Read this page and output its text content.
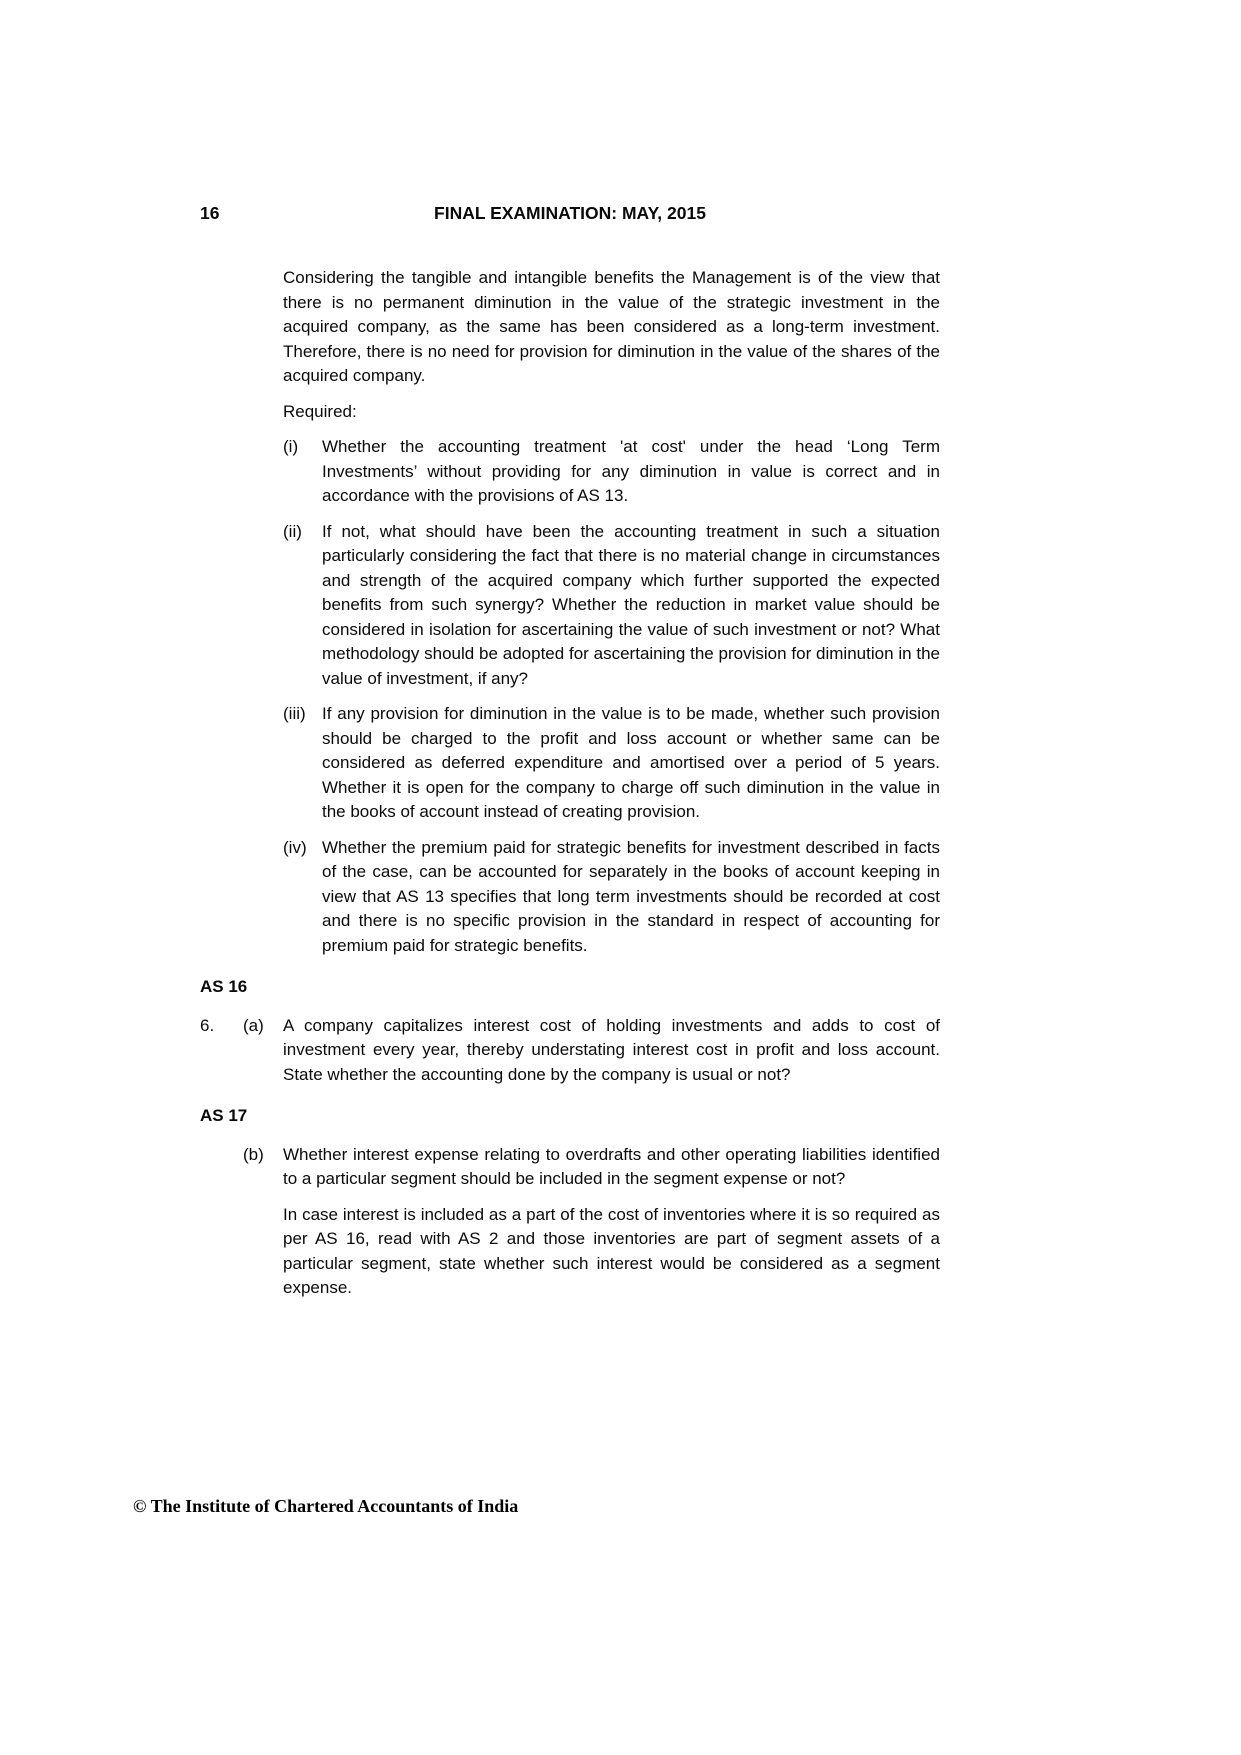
16	FINAL EXAMINATION: MAY, 2015

Considering the tangible and intangible benefits the Management is of the view that there is no permanent diminution in the value of the strategic investment in the acquired company, as the same has been considered as a long-term investment. Therefore, there is no need for provision for diminution in the value of the shares of the acquired company.

Required:

(i)	Whether the accounting treatment 'at cost' under the head ‘Long Term Investments’ without providing for any diminution in value is correct and in accordance with the provisions of AS 13.
(ii)	If not, what should have been the accounting treatment in such a situation particularly considering the fact that there is no material change in circumstances and strength of the acquired company which further supported the expected benefits from such synergy? Whether the reduction in market value should be considered in isolation for ascertaining the value of such investment or not? What methodology should be adopted for ascertaining the provision for diminution in the value of investment, if any?
(iii) If any provision for diminution in the value is to be made, whether such provision should be charged to the profit and loss account or whether same can be considered as deferred expenditure and amortised over a period of 5 years. Whether it is open for the company to charge off such diminution in the value in the books of account instead of creating provision.
(iv) Whether the premium paid for strategic benefits for investment described in facts of the case, can be accounted for separately in the books of account keeping in view that AS 13 specifies that long term investments should be recorded at cost and there is no specific provision in the standard in respect of accounting for premium paid for strategic benefits.
AS 16
6.	(a)	A company capitalizes interest cost of holding investments and adds to cost of investment every year, thereby understating interest cost in profit and loss account. State whether the accounting done by the company is usual or not?
AS 17
(b)	Whether interest expense relating to overdrafts and other operating liabilities identified to a particular segment should be included in the segment expense or not?

In case interest is included as a part of the cost of inventories where it is so required as per AS 16, read with AS 2 and those inventories are part of segment assets of a particular segment, state whether such interest would be considered as a segment expense.

© The Institute of Chartered Accountants of India
